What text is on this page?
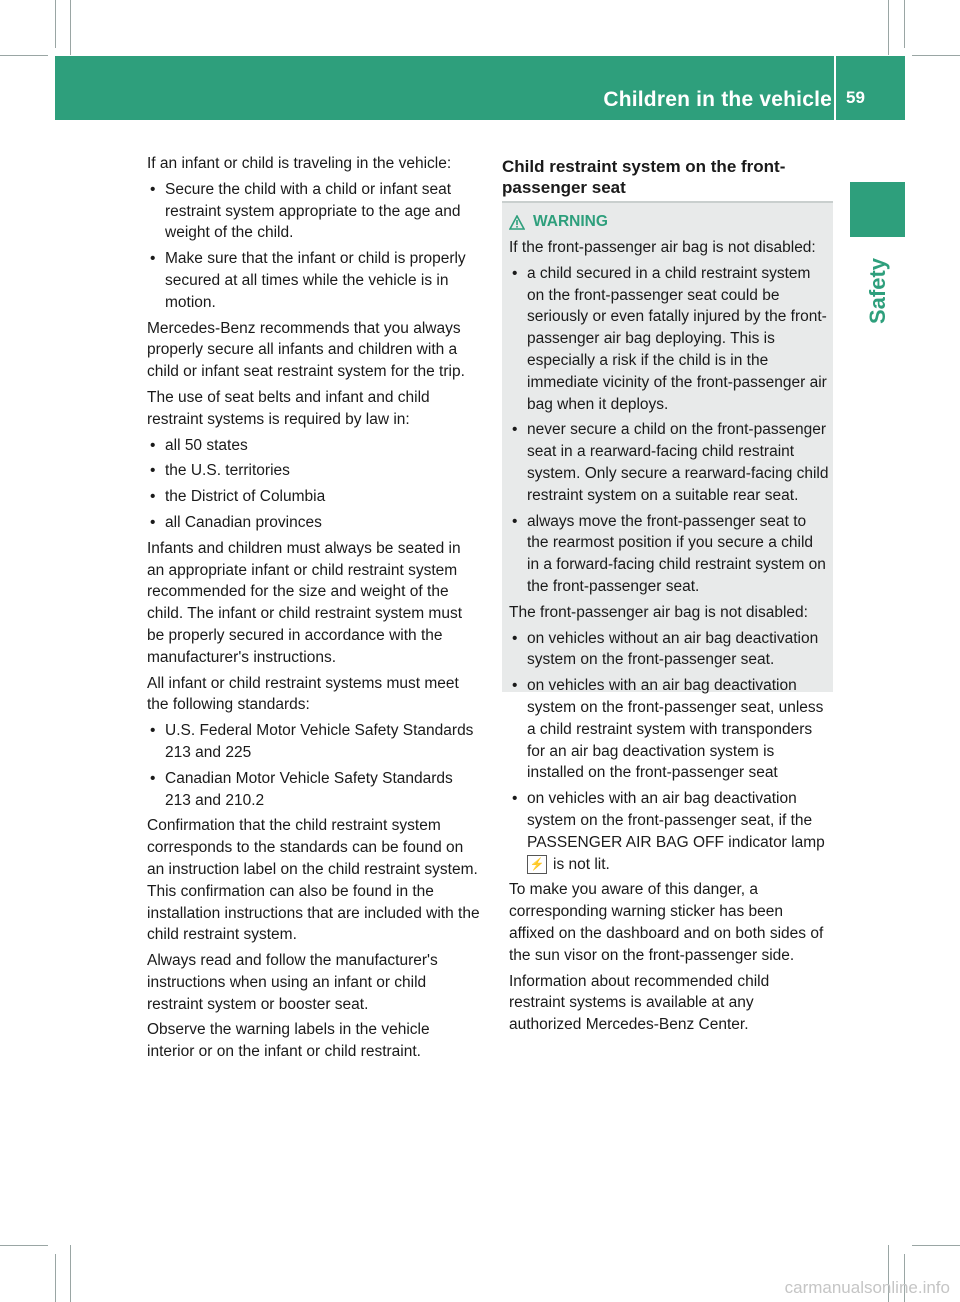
Children in the vehicle 59
Safety

If an infant or child is traveling in the vehicle:

• Secure the child with a child or infant seat restraint system appropriate to the age and weight of the child.
• Make sure that the infant or child is properly secured at all times while the vehicle is in motion.

Mercedes-Benz recommends that you always properly secure all infants and children with a child or infant seat restraint system for the trip.

The use of seat belts and infant and child restraint systems is required by law in:

• all 50 states
• the U.S. territories
• the District of Columbia
• all Canadian provinces

Infants and children must always be seated in an appropriate infant or child restraint system recommended for the size and weight of the child. The infant or child restraint system must be properly secured in accordance with the manufacturer's instructions.

All infant or child restraint systems must meet the following standards:

• U.S. Federal Motor Vehicle Safety Standards 213 and 225
• Canadian Motor Vehicle Safety Standards 213 and 210.2

Confirmation that the child restraint system corresponds to the standards can be found on an instruction label on the child restraint system. This confirmation can also be found in the installation instructions that are included with the child restraint system.

Always read and follow the manufacturer's instructions when using an infant or child restraint system or booster seat.

Observe the warning labels in the vehicle interior or on the infant or child restraint.

Child restraint system on the front-passenger seat
WARNING

If the front-passenger air bag is not disabled:

• a child secured in a child restraint system on the front-passenger seat could be seriously or even fatally injured by the front-passenger air bag deploying. This is especially a risk if the child is in the immediate vicinity of the front-passenger air bag when it deploys.
• never secure a child on the front-passenger seat in a rearward-facing child restraint system. Only secure a rearward-facing child restraint system on a suitable rear seat.
• always move the front-passenger seat to the rearmost position if you secure a child in a forward-facing child restraint system on the front-passenger seat.

The front-passenger air bag is not disabled:

• on vehicles without an air bag deactivation system on the front-passenger seat.
• on vehicles with an air bag deactivation system on the front-passenger seat, unless a child restraint system with transponders for an air bag deactivation system is installed on the front-passenger seat
• on vehicles with an air bag deactivation system on the front-passenger seat, if the PASSENGER AIR BAG OFF indicator lamp
⚡ is not lit.

To make you aware of this danger, a corresponding warning sticker has been affixed on the dashboard and on both sides of the sun visor on the front-passenger side.

Information about recommended child restraint systems is available at any authorized Mercedes-Benz Center.

carmanualsonline.info
